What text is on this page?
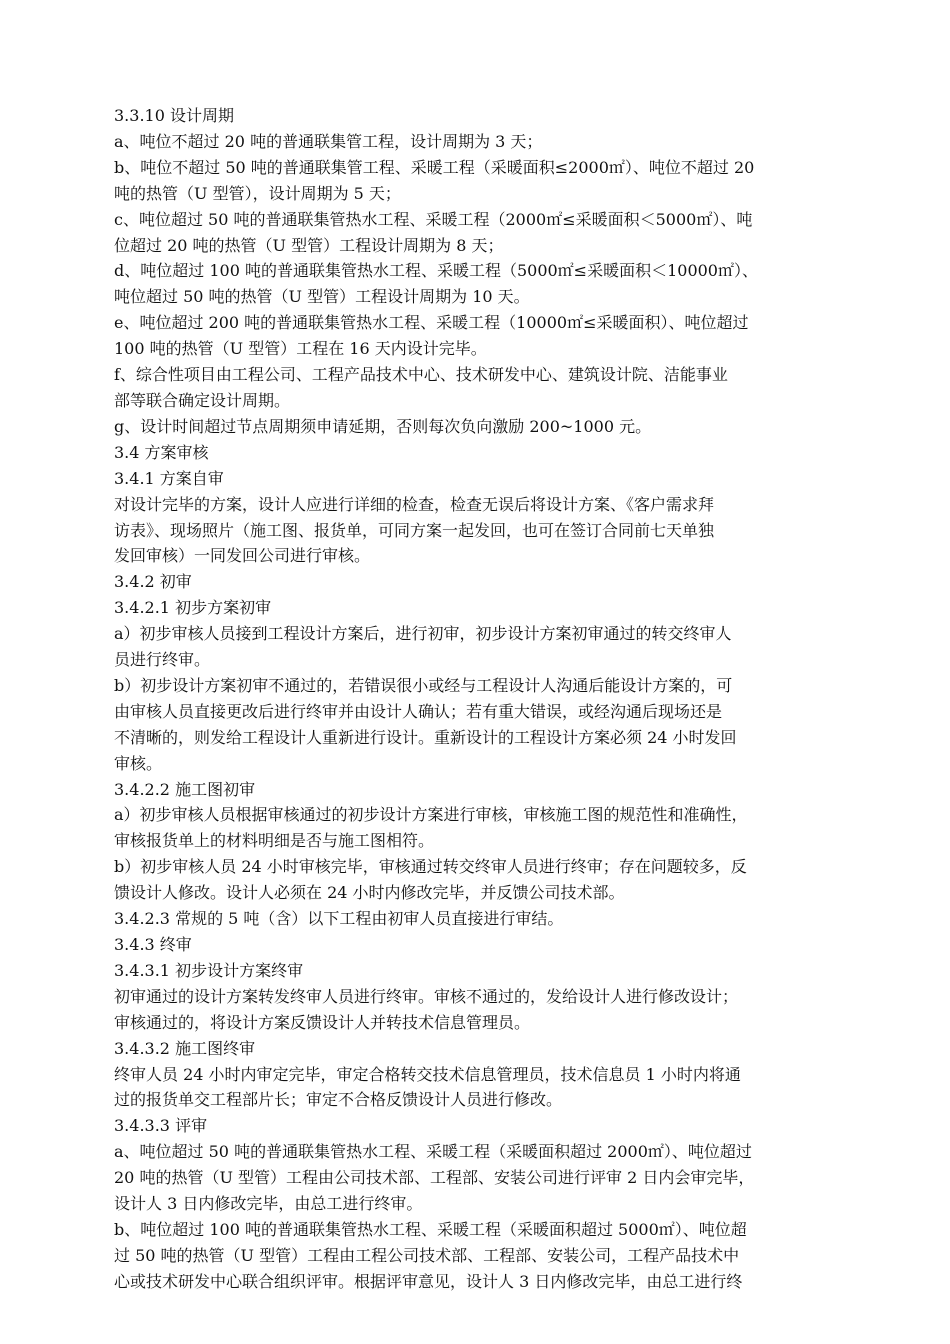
3.3.10 设计周期

a、吨位不超过 20 吨的普通联集管工程，设计周期为 3 天；

b、吨位不超过 50 吨的普通联集管工程、采暖工程（采暖面积≤2000㎡）、吨位不超过 20

吨的热管（U 型管），设计周期为 5 天；

c、吨位超过 50 吨的普通联集管热水工程、采暖工程（2000㎡≤采暖面积＜5000㎡）、吨

位超过 20 吨的热管（U 型管）工程设计周期为 8 天；

d、吨位超过 100 吨的普通联集管热水工程、采暖工程（5000㎡≤采暖面积＜10000㎡）、

吨位超过 50 吨的热管（U 型管）工程设计周期为 10 天。

e、吨位超过 200 吨的普通联集管热水工程、采暖工程（10000㎡≤采暖面积）、吨位超过

100 吨的热管（U 型管）工程在 16 天内设计完毕。

f、综合性项目由工程公司、工程产品技术中心、技术研发中心、建筑设计院、洁能事业

部等联合确定设计周期。

g、设计时间超过节点周期须申请延期，否则每次负向激励 200~1000 元。

3.4 方案审核

3.4.1 方案自审

对设计完毕的方案，设计人应进行详细的检查，检查无误后将设计方案、《客户需求拜

访表》、现场照片（施工图、报货单，可同方案一起发回，也可在签订合同前七天单独

发回审核）一同发回公司进行审核。

3.4.2 初审

3.4.2.1 初步方案初审

a）初步审核人员接到工程设计方案后，进行初审，初步设计方案初审通过的转交终审人

员进行终审。

b）初步设计方案初审不通过的，若错误很小或经与工程设计人沟通后能设计方案的，可

由审核人员直接更改后进行终审并由设计人确认；若有重大错误，或经沟通后现场还是

不清晰的，则发给工程设计人重新进行设计。重新设计的工程设计方案必须 24 小时发回

审核。

3.4.2.2 施工图初审

a）初步审核人员根据审核通过的初步设计方案进行审核，审核施工图的规范性和准确性，

审核报货单上的材料明细是否与施工图相符。

b）初步审核人员 24 小时审核完毕，审核通过转交终审人员进行终审；存在问题较多，反

馈设计人修改。设计人必须在 24 小时内修改完毕，并反馈公司技术部。

3.4.2.3 常规的 5 吨（含）以下工程由初审人员直接进行审结。

3.4.3 终审

3.4.3.1 初步设计方案终审

初审通过的设计方案转发终审人员进行终审。审核不通过的，发给设计人进行修改设计；

审核通过的，将设计方案反馈设计人并转技术信息管理员。

3.4.3.2 施工图终审

终审人员 24 小时内审定完毕，审定合格转交技术信息管理员，技术信息员 1 小时内将通

过的报货单交工程部片长；审定不合格反馈设计人员进行修改。

3.4.3.3 评审

a、吨位超过 50 吨的普通联集管热水工程、采暖工程（采暖面积超过 2000㎡）、吨位超过

20 吨的热管（U 型管）工程由公司技术部、工程部、安装公司进行评审 2 日内会审完毕，

设计人 3 日内修改完毕，由总工进行终审。

b、吨位超过 100 吨的普通联集管热水工程、采暖工程（采暖面积超过 5000㎡）、吨位超

过 50 吨的热管（U 型管）工程由工程公司技术部、工程部、安装公司，工程产品技术中

心或技术研发中心联合组织评审。根据评审意见，设计人 3 日内修改完毕，由总工进行终
